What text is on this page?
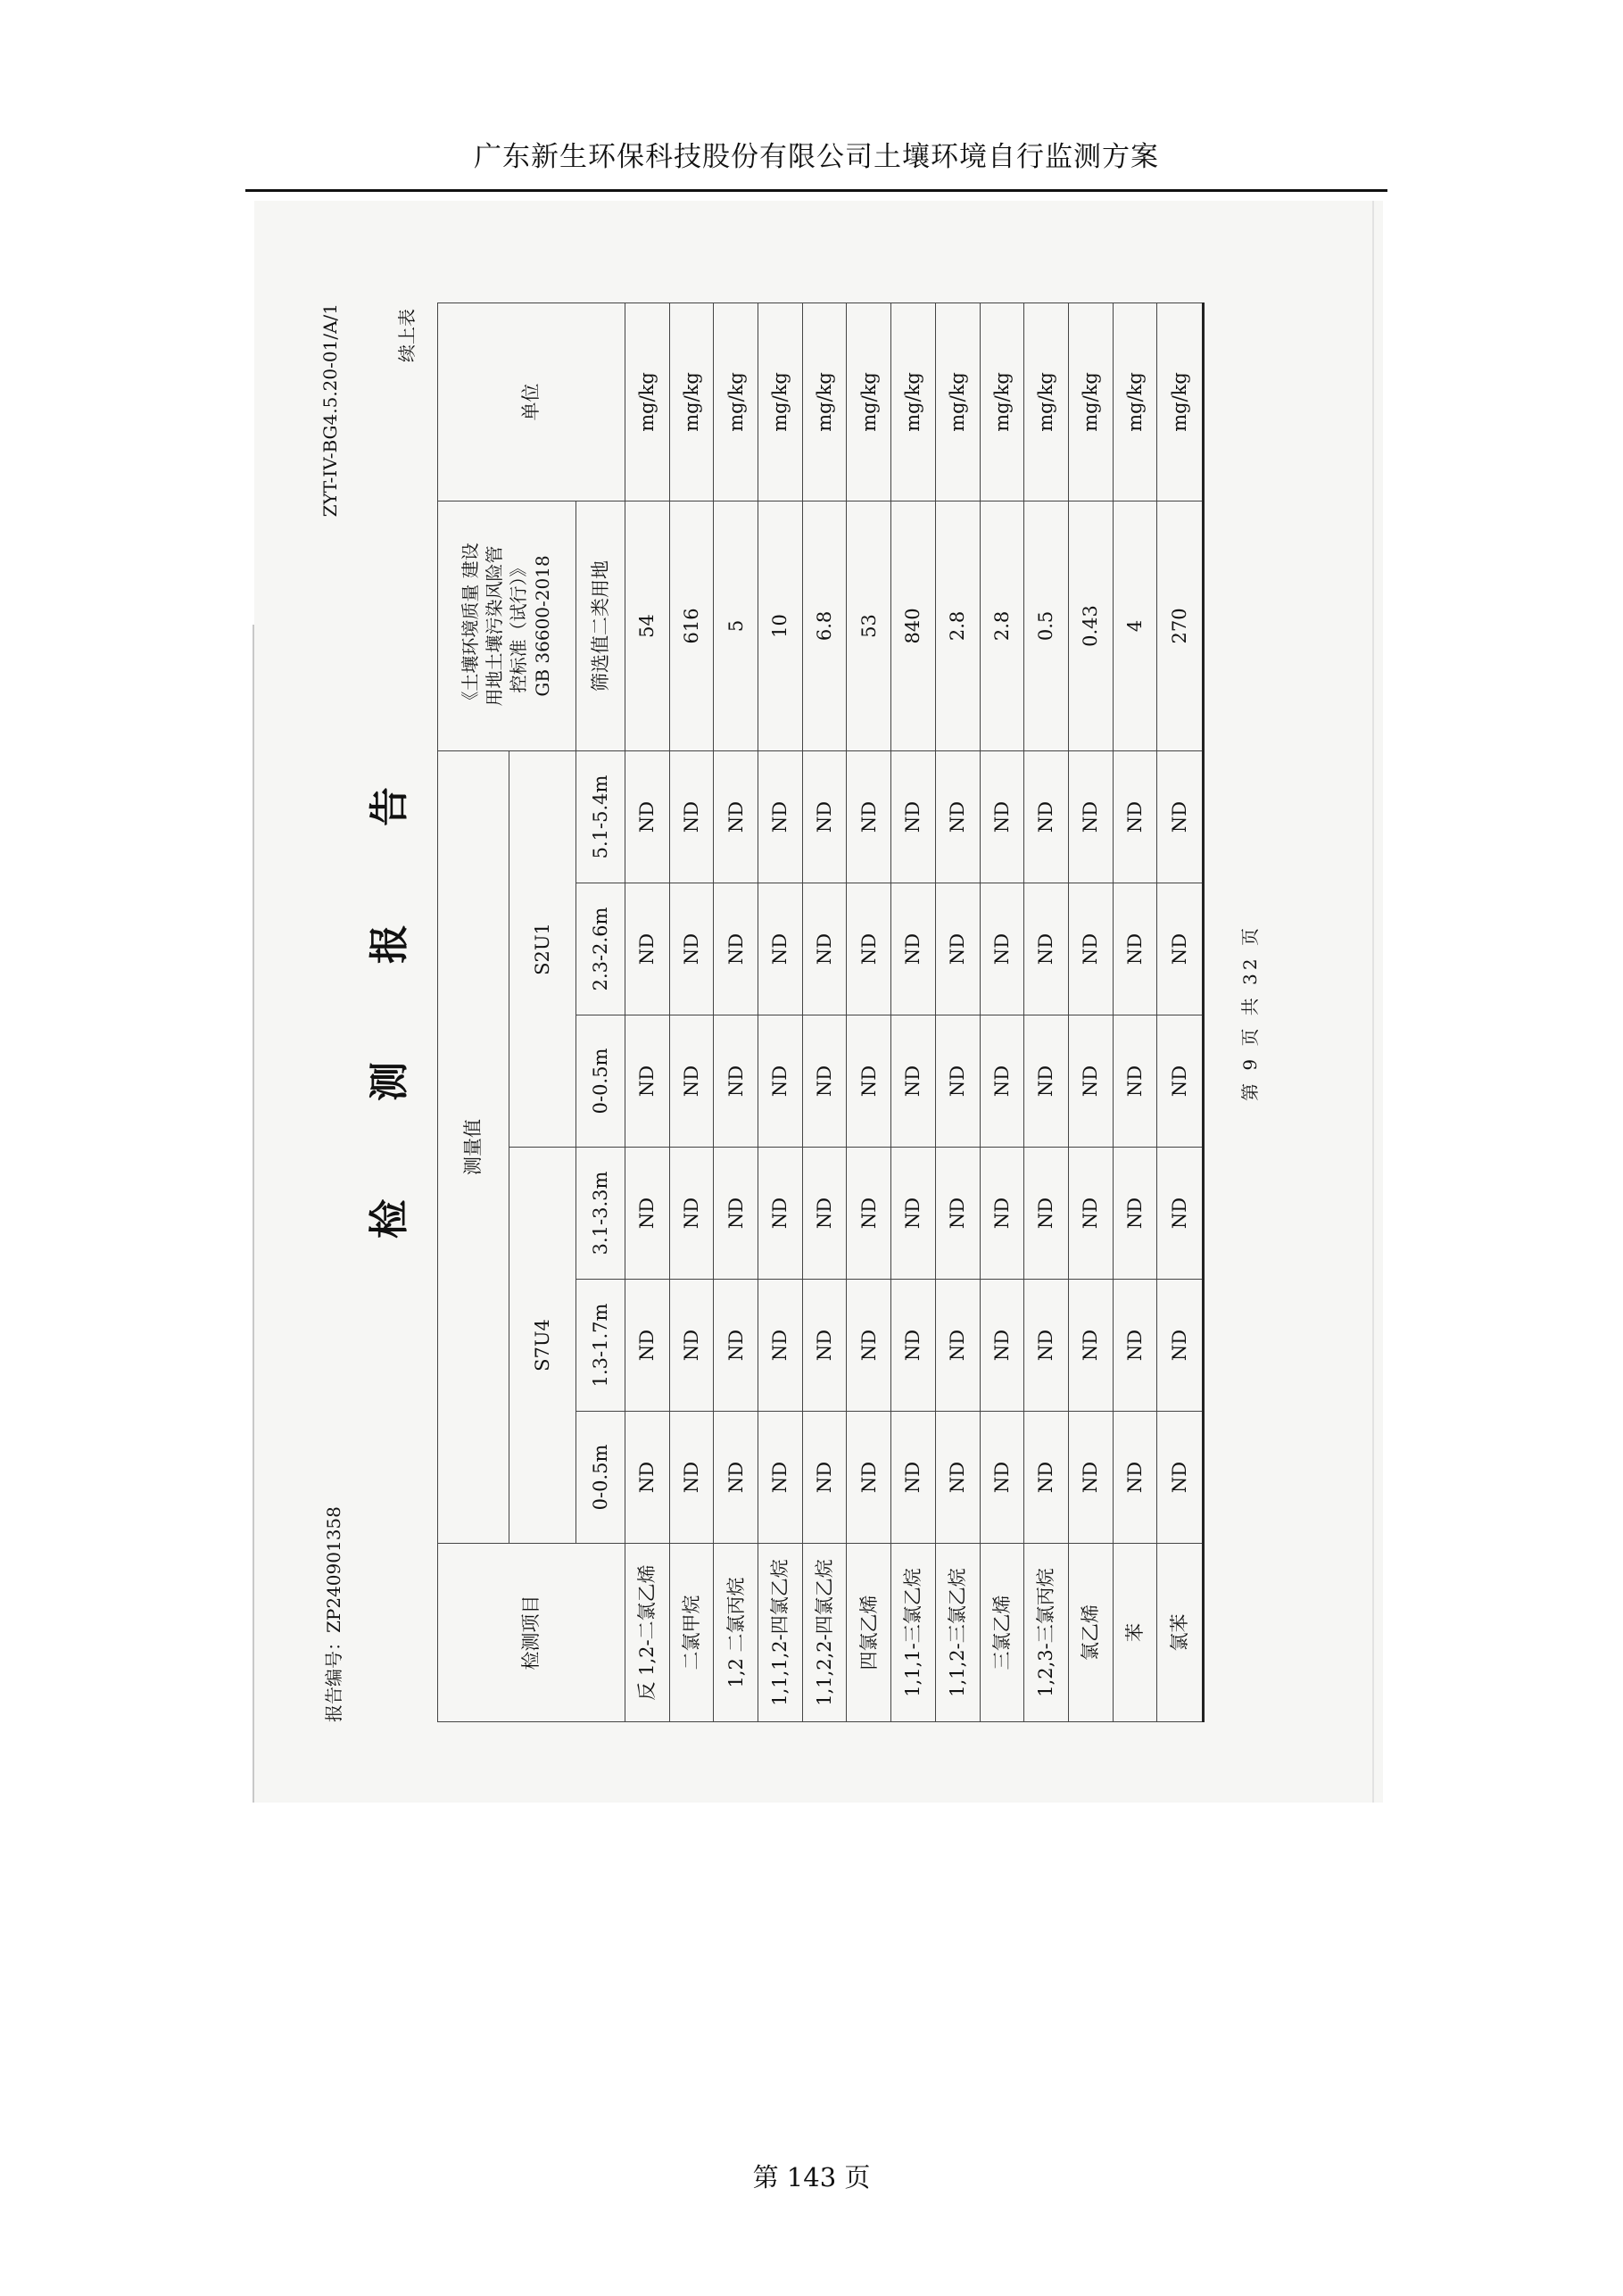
广东新生环保科技股份有限公司土壤环境自行监测方案
报告编号：ZP240901358
ZYT-IV-BG4.5.20-01/A/1
检测报告
续上表
检测项目	测量值						《土壤环境质量 建设 用地土壤污染风险管 控标准（试行）》 GB 36600-2018	单位
	S7U4			S2U1				
	0-0.5m	1.3-1.7m	3.1-3.3m	0-0.5m	2.3-2.6m	5.1-5.4m	筛选值二类用地	
反 1,2-二氯乙烯	ND	ND	ND	ND	ND	ND	54	mg/kg
二氯甲烷	ND	ND	ND	ND	ND	ND	616	mg/kg
1,2 二氯丙烷	ND	ND	ND	ND	ND	ND	5	mg/kg
1,1,1,2-四氯乙烷	ND	ND	ND	ND	ND	ND	10	mg/kg
1,1,2,2-四氯乙烷	ND	ND	ND	ND	ND	ND	6.8	mg/kg
四氯乙烯	ND	ND	ND	ND	ND	ND	53	mg/kg
1,1,1-三氯乙烷	ND	ND	ND	ND	ND	ND	840	mg/kg
1,1,2-三氯乙烷	ND	ND	ND	ND	ND	ND	2.8	mg/kg
三氯乙烯	ND	ND	ND	ND	ND	ND	2.8	mg/kg
1,2,3-三氯丙烷	ND	ND	ND	ND	ND	ND	0.5	mg/kg
氯乙烯	ND	ND	ND	ND	ND	ND	0.43	mg/kg
苯	ND	ND	ND	ND	ND	ND	4	mg/kg
氯苯	ND	ND	ND	ND	ND	ND	270	mg/kg
第 9 页 共 32 页
第 143 页
